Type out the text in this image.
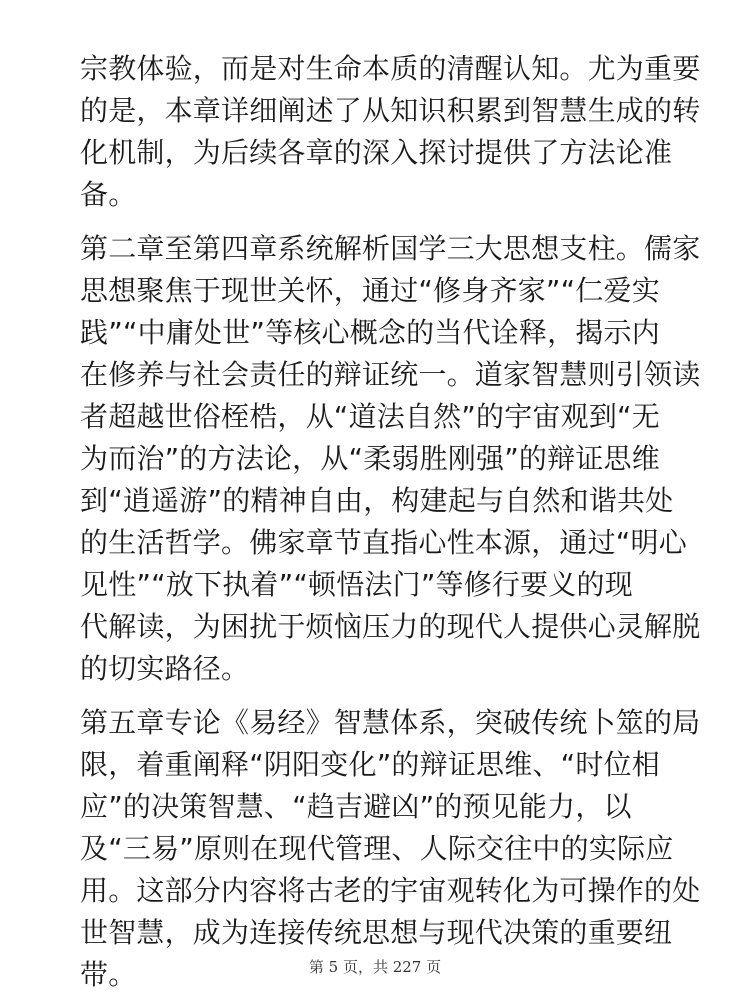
宗教体验，而是对生命本质的清醒认知。尤为重要
的是，本章详细阐述了从知识积累到智慧生成的转
化机制，为后续各章的深入探讨提供了方法论准
备。
第二章至第四章系统解析国学三大思想支柱。儒家
思想聚焦于现世关怀，通过“修身齐家”“仁爱实
践”“中庸处世”等核心概念的当代诠释，揭示内
在修养与社会责任的辩证统一。道家智慧则引领读
者超越世俗桎梏，从“道法自然”的宇宙观到“无
为而治”的方法论，从“柔弱胜刚强”的辩证思维
到“逍遥游”的精神自由，构建起与自然和谐共处
的生活哲学。佛家章节直指心性本源，通过“明心
见性”“放下执着”“顿悟法门”等修行要义的现
代解读，为困扰于烦恼压力的现代人提供心灵解脱
的切实路径。
第五章专论《易经》智慧体系，突破传统卜筮的局
限，着重阐释“阴阳变化”的辩证思维、“时位相
应”的决策智慧、“趋吉避凶”的预见能力，以
及“三易”原则在现代管理、人际交往中的实际应
用。这部分内容将古老的宇宙观转化为可操作的处
世智慧，成为连接传统思想与现代决策的重要纽
带。	第 5 页，共 227 页
